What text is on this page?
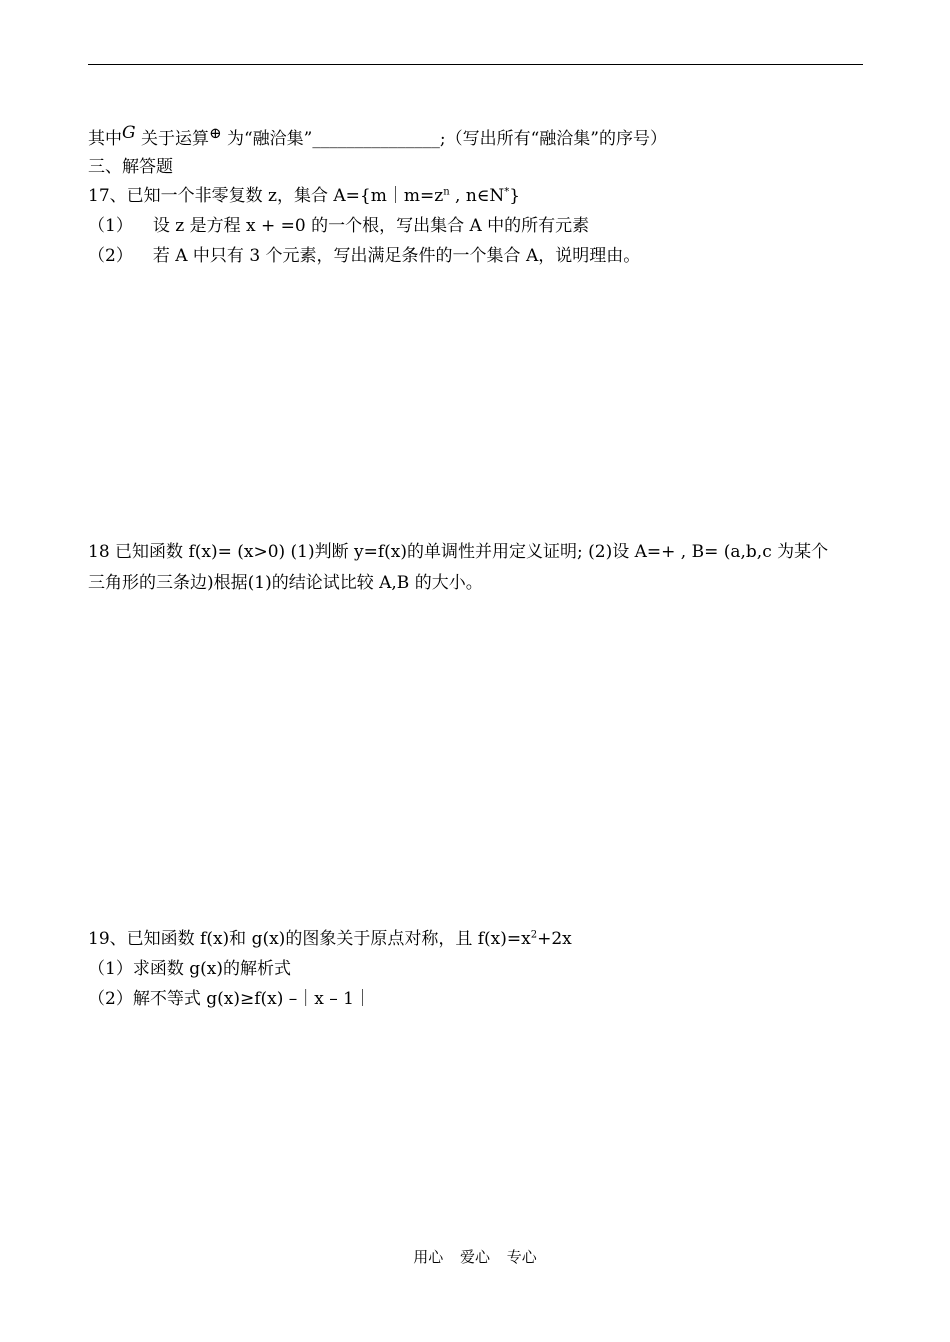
其中G 关于运算⊕ 为“融洽集”_______________;（写出所有“融洽集”的序号）
三、解答题
17、已知一个非零复数 z，集合 $A=\{m|m=z^n$ , n∈N*}
（1） 设 z 是方程 x + =0 的一个根，写出集合 A 中的所有元素
（2） 若 A 中只有 3 个元素，写出满足条件的一个集合 A，说明理由。
18 已知函数 f(x)= (x>0) (1)判断 y=f(x)的单调性并用定义证明; (2)设 A=+ , B= (a,b,c 为某个
三角形的三条边)根据(1)的结论试比较 A,B 的大小。
19、已知函数 f(x)和 g(x)的图象关于原点对称，且 $f(x)=x^2+2x$
（1）求函数 g(x)的解析式
（2）解不等式 g(x)≥f(x) –｜x – 1｜
用心 爱心 专心
